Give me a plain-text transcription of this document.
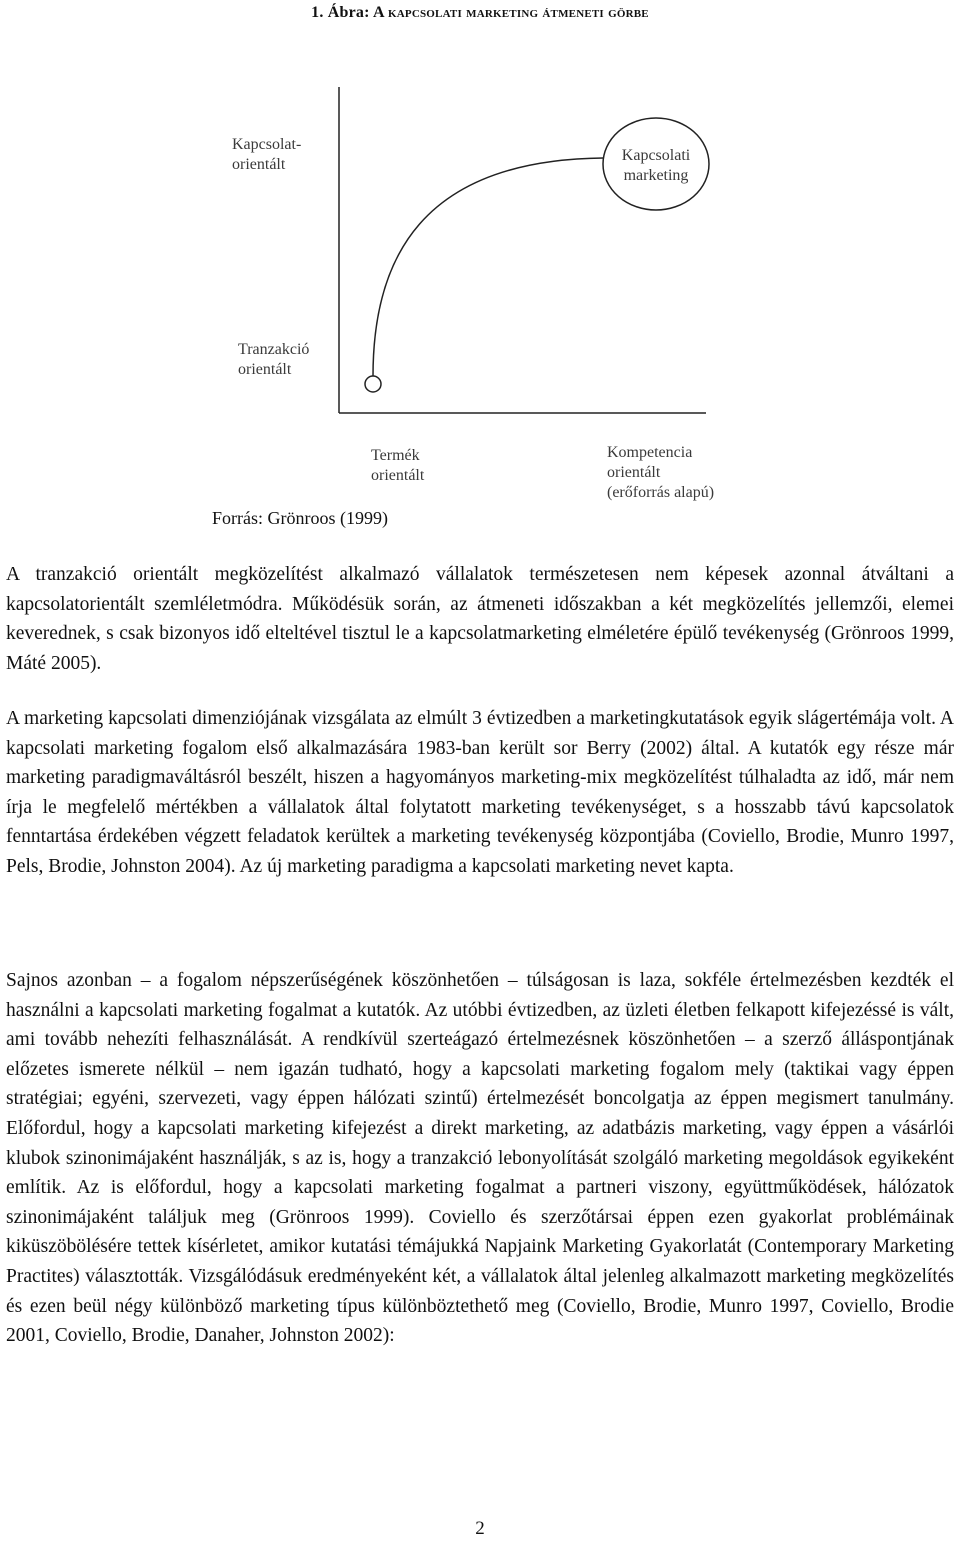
1. Ábra: A kapcsolati marketing átmeneti görbe
Kapcsolat-
orientált
Tranzakció
orientált
Termék
orientált
Kompetencia
orientált
(erőforrás alapú)
Kapcsolati
marketing
Forrás: Grönroos (1999)

A tranzakció orientált megközelítést alkalmazó vállalatok természetesen nem képesek azonnal átváltani a kapcsolatorientált szemléletmódra. Működésük során, az átmeneti időszakban a két megközelítés jellemzői, elemei keverednek, s csak bizonyos idő elteltével tisztul le a kapcsolatmarketing elméletére épülő tevékenység (Grönroos 1999, Máté 2005).

A marketing kapcsolati dimenziójának vizsgálata az elmúlt 3 évtizedben a marketingkutatások egyik slágertémája volt. A kapcsolati marketing fogalom első alkalmazására 1983-ban került sor Berry (2002) által. A kutatók egy része már marketing paradigmaváltásról beszélt, hiszen a hagyományos marketing-mix megközelítést túlhaladta az idő, már nem írja le megfelelő mértékben a vállalatok által folytatott marketing tevékenységet, s a hosszabb távú kapcsolatok fenntartása érdekében végzett feladatok kerültek a marketing tevékenység központjába (Coviello, Brodie, Munro 1997, Pels, Brodie, Johnston 2004). Az új marketing paradigma a kapcsolati marketing nevet kapta.

Sajnos azonban – a fogalom népszerűségének köszönhetően – túlságosan is laza, sokféle értelmezésben kezdték el használni a kapcsolati marketing fogalmat a kutatók. Az utóbbi évtizedben, az üzleti életben felkapott kifejezéssé is vált, ami tovább nehezíti felhasználását. A rendkívül szerteágazó értelmezésnek köszönhetően – a szerző álláspontjának előzetes ismerete nélkül – nem igazán tudható, hogy a kapcsolati marketing fogalom mely (taktikai vagy éppen stratégiai; egyéni, szervezeti, vagy éppen hálózati szintű) értelmezését boncolgatja az éppen megismert tanulmány. Előfordul, hogy a kapcsolati marketing kifejezést a direkt marketing, az adatbázis marketing, vagy éppen a vásárlói klubok szinonimájaként használják, s az is, hogy a tranzakció lebonyolítását szolgáló marketing megoldások egyikeként említik. Az is előfordul, hogy a kapcsolati marketing fogalmat a partneri viszony, együttműködések, hálózatok szinonimájaként találjuk meg (Grönroos 1999). Coviello és szerzőtársai éppen ezen gyakorlat problémáinak kiküszöbölésére tettek kísérletet, amikor kutatási témájukká Napjaink Marketing Gyakorlatát (Contemporary Marketing Practites) választották. Vizsgálódásuk eredményeként két, a vállalatok által jelenleg alkalmazott marketing megközelítés és ezen beül négy különböző marketing típus különböztethető meg (Coviello, Brodie, Munro 1997, Coviello, Brodie 2001, Coviello, Brodie, Danaher, Johnston 2002):

2
